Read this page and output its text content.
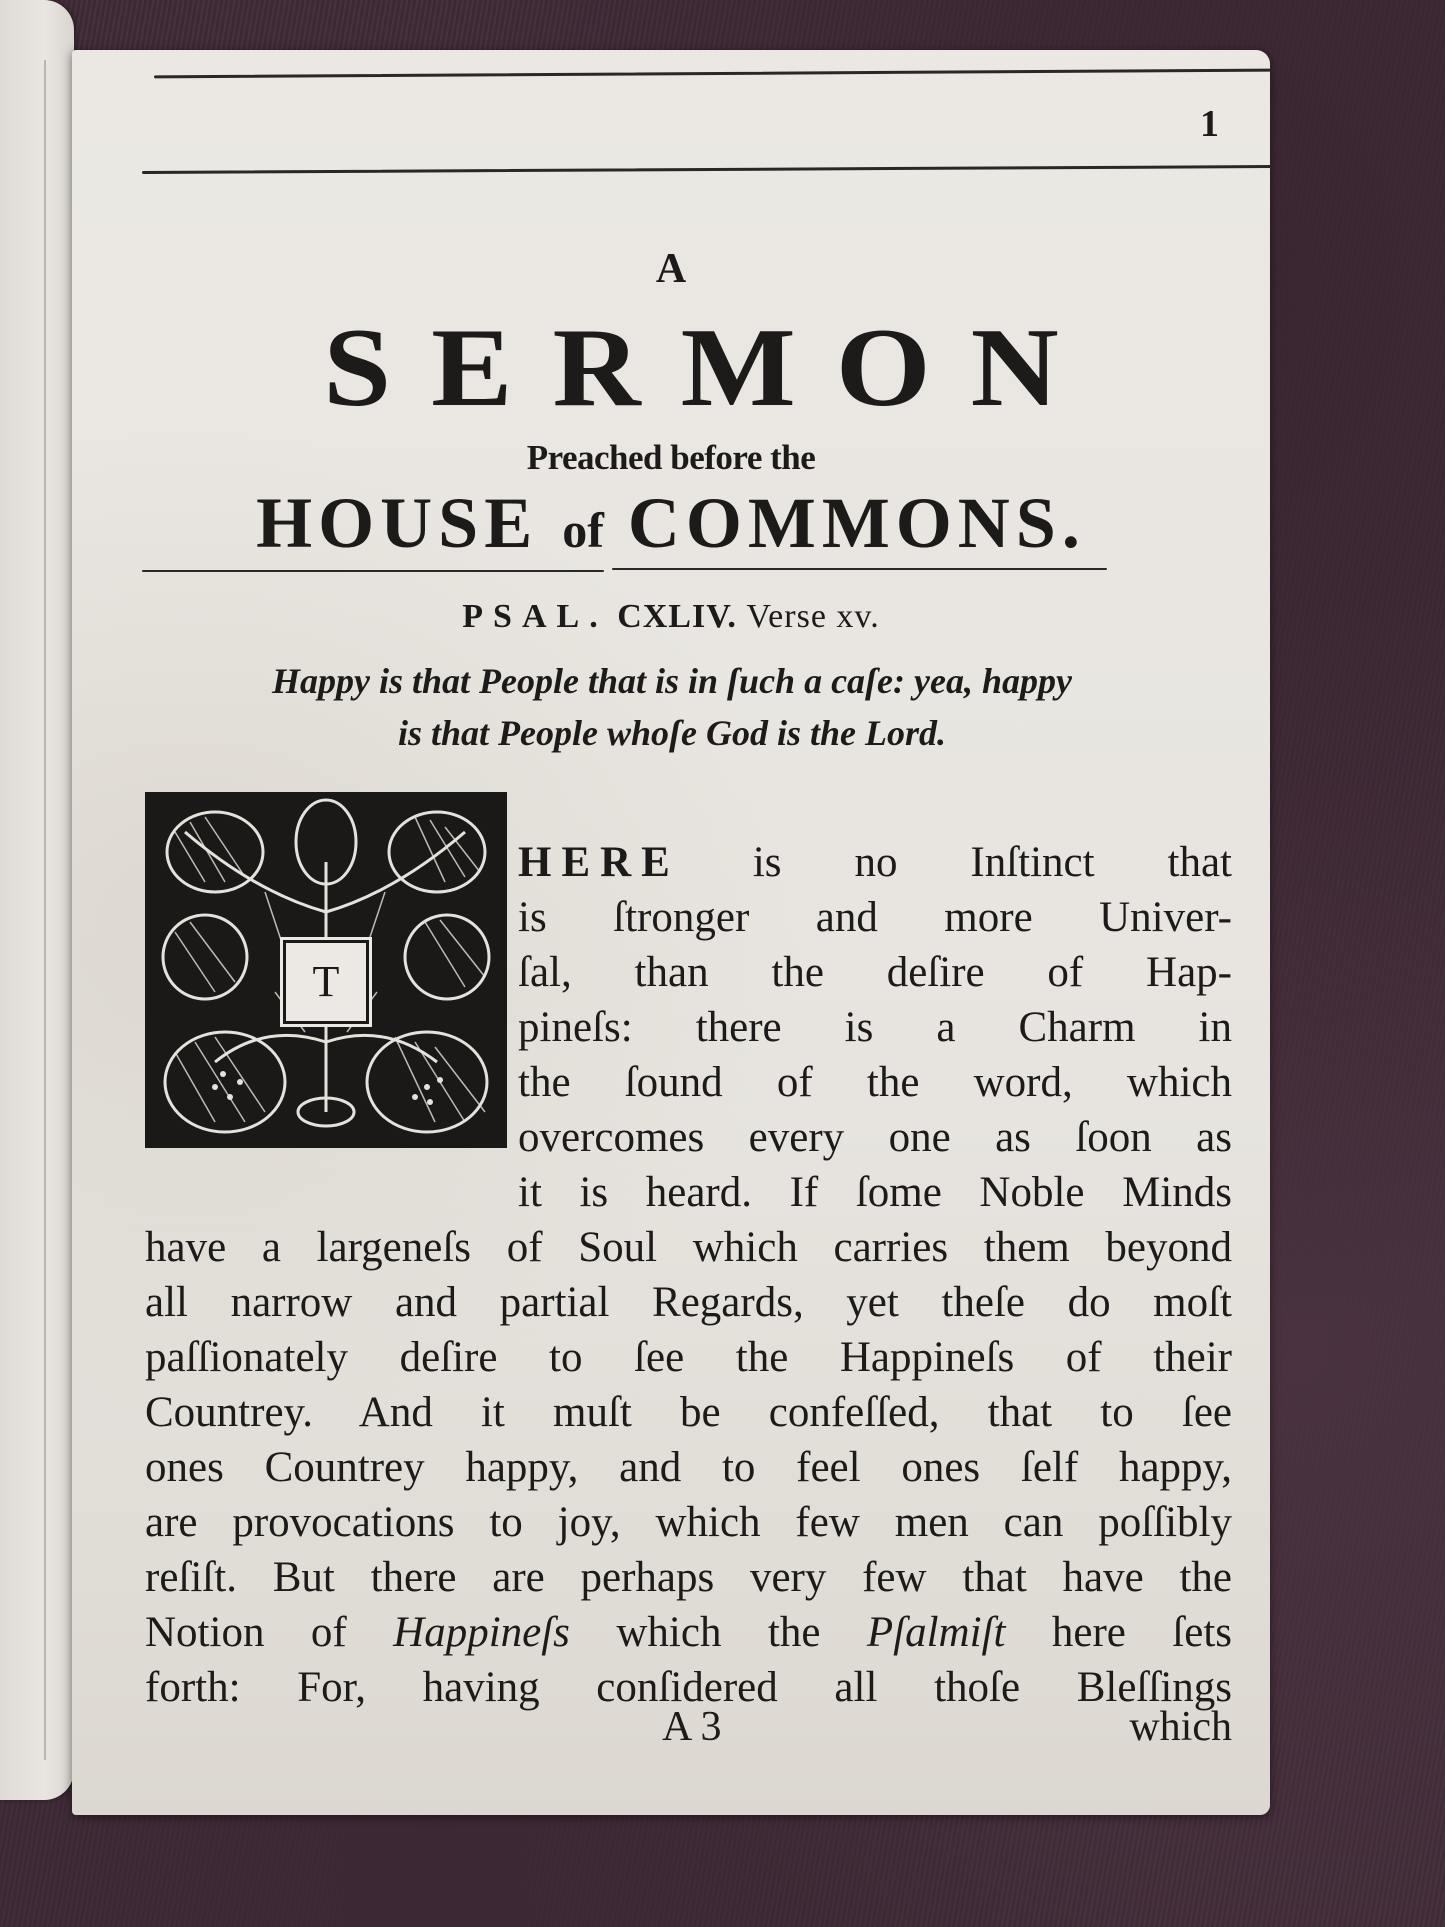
1
A
SERMON
Preached before the
HOUSE of COMMONS.
PSAL. CXLIV. Verse xv.
Happy is that People that is in ſuch a caſe: yea, happy
is that People whoſe God is the Lord.
T
HERE is no Inſtinct that
is ſtronger and more Univer-
ſal, than the deſire of Hap-
pineſs: there is a Charm in
the ſound of the word, which
overcomes every one as ſoon as
it is heard. If ſome Noble Minds
have a largeneſs of Soul which carries them beyond
all narrow and partial Regards, yet theſe do moſt
paſſionately deſire to ſee the Happineſs of their
Countrey. And it muſt be confeſſed, that to ſee
ones Countrey happy, and to feel ones ſelf happy,
are provocations to joy, which few men can poſſibly
reſiſt. But there are perhaps very few that have the
Notion of Happineſs which the Pſalmiſt here ſets
forth: For, having conſidered all thoſe Bleſſings
A 3	which
